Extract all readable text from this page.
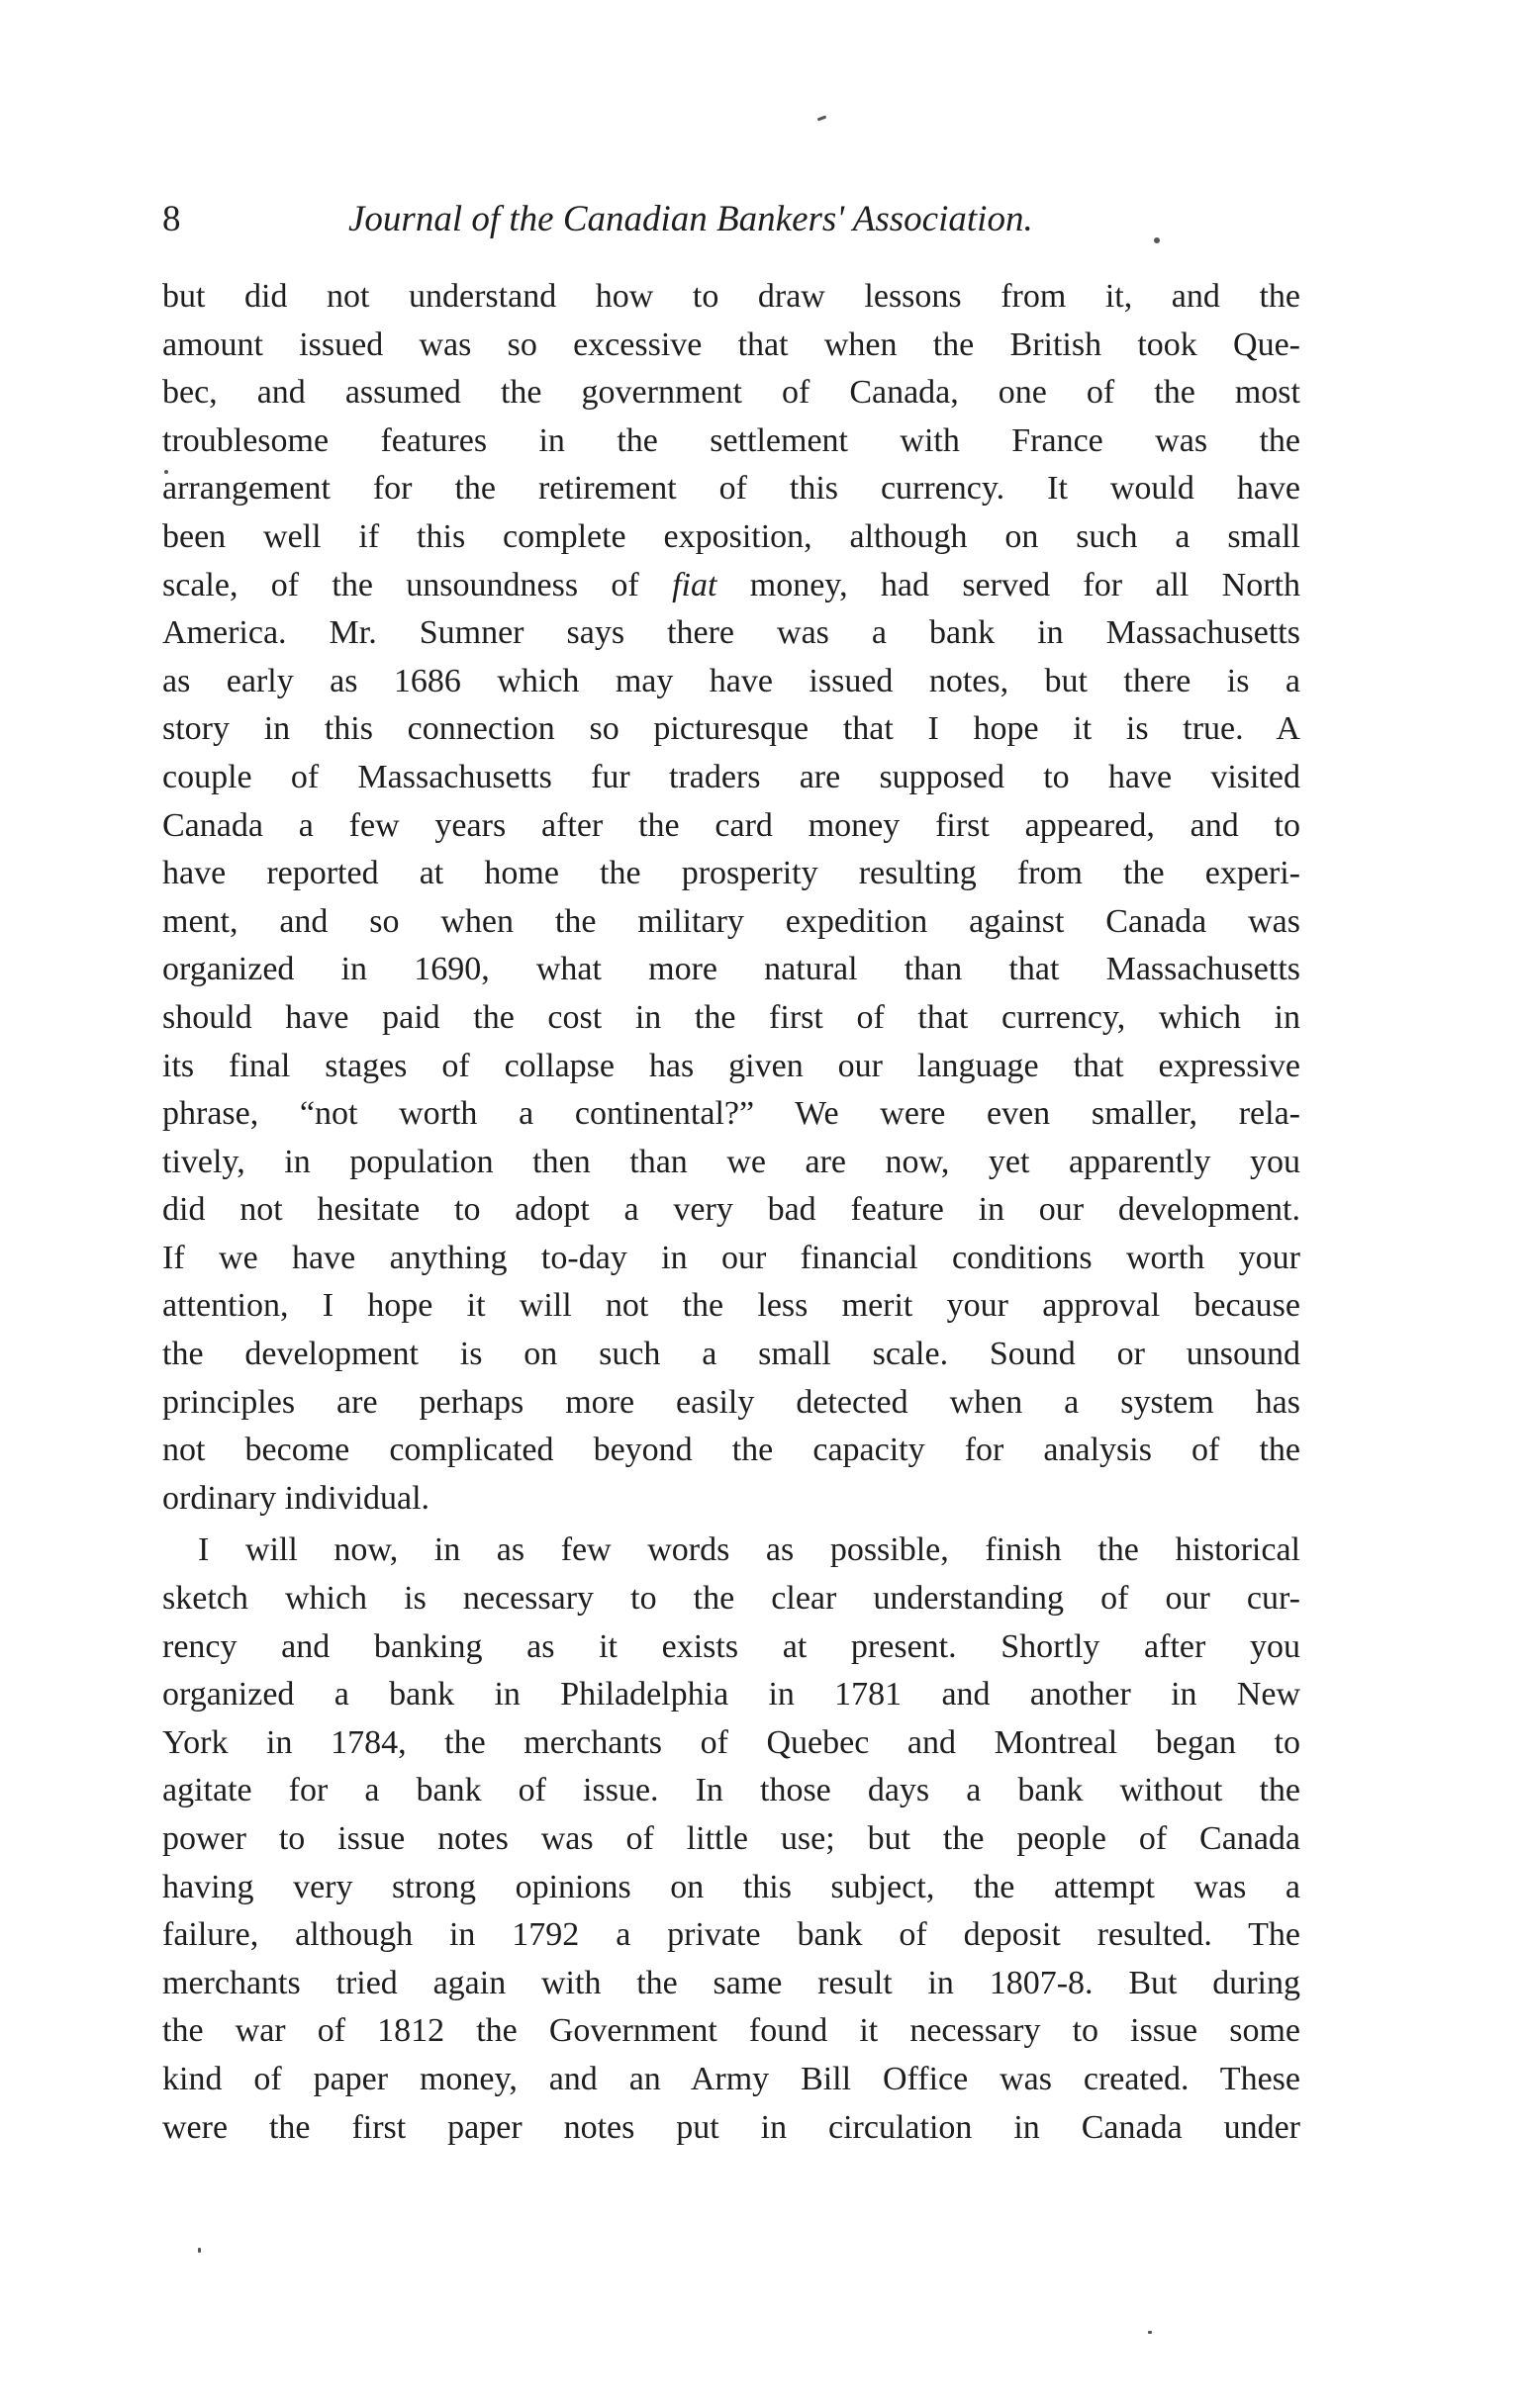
8	Journal of the Canadian Bankers' Association.
but did not understand how to draw lessons from it, and the
amount issued was so excessive that when the British took Que-
bec, and assumed the government of Canada, one of the most
troublesome features in the settlement with France was the
arrangement for the retirement of this currency. It would have
been well if this complete exposition, although on such a small
scale, of the unsoundness of fiat money, had served for all North
America. Mr. Sumner says there was a bank in Massachusetts
as early as 1686 which may have issued notes, but there is a
story in this connection so picturesque that I hope it is true. A
couple of Massachusetts fur traders are supposed to have visited
Canada a few years after the card money first appeared, and to
have reported at home the prosperity resulting from the experi-
ment, and so when the military expedition against Canada was
organized in 1690, what more natural than that Massachusetts
should have paid the cost in the first of that currency, which in
its final stages of collapse has given our language that expressive
phrase, “not worth a continental?” We were even smaller, rela-
tively, in population then than we are now, yet apparently you
did not hesitate to adopt a very bad feature in our development.
If we have anything to-day in our financial conditions worth your
attention, I hope it will not the less merit your approval because
the development is on such a small scale. Sound or unsound
principles are perhaps more easily detected when a system has
not become complicated beyond the capacity for analysis of the
ordinary individual.
I will now, in as few words as possible, finish the historical
sketch which is necessary to the clear understanding of our cur-
rency and banking as it exists at present. Shortly after you
organized a bank in Philadelphia in 1781 and another in New
York in 1784, the merchants of Quebec and Montreal began to
agitate for a bank of issue. In those days a bank without the
power to issue notes was of little use; but the people of Canada
having very strong opinions on this subject, the attempt was a
failure, although in 1792 a private bank of deposit resulted. The
merchants tried again with the same result in 1807-8. But during
the war of 1812 the Government found it necessary to issue some
kind of paper money, and an Army Bill Office was created. These
were the first paper notes put in circulation in Canada under
